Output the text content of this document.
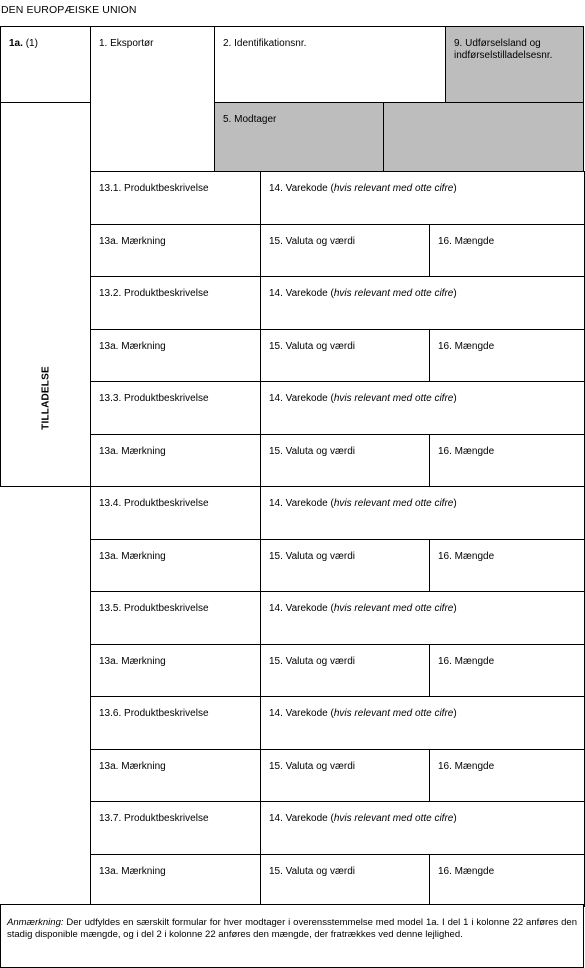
DEN EUROPÆISKE UNION
1a. (1)
TILLADELSE
1. Eksportør	2. Identifikationsnr.	9. Udførselsland og indførselstilladelsesnr.
5. Modtager
13.1. Produktbeskrivelse	14. Varekode (hvis relevant med otte cifre)
13a. Mærkning	15. Valuta og værdi	16. Mængde
13.2. Produktbeskrivelse	14. Varekode (hvis relevant med otte cifre)
13a. Mærkning	15. Valuta og værdi	16. Mængde
13.3. Produktbeskrivelse	14. Varekode (hvis relevant med otte cifre)
13a. Mærkning	15. Valuta og værdi	16. Mængde
13.4. Produktbeskrivelse	14. Varekode (hvis relevant med otte cifre)
13a. Mærkning	15. Valuta og værdi	16. Mængde
13.5. Produktbeskrivelse	14. Varekode (hvis relevant med otte cifre)
13a. Mærkning	15. Valuta og værdi	16. Mængde
13.6. Produktbeskrivelse	14. Varekode (hvis relevant med otte cifre)
13a. Mærkning	15. Valuta og værdi	16. Mængde
13.7. Produktbeskrivelse	14. Varekode (hvis relevant med otte cifre)
13a. Mærkning	15. Valuta og værdi	16. Mængde
Anmærkning: Der udfyldes en særskilt formular for hver modtager i overensstemmelse med model 1a. I del 1 i kolonne 22 anføres den stadig disponible mængde, og i del 2 i kolonne 22 anføres den mængde, der fratrækkes ved denne lejlighed.
